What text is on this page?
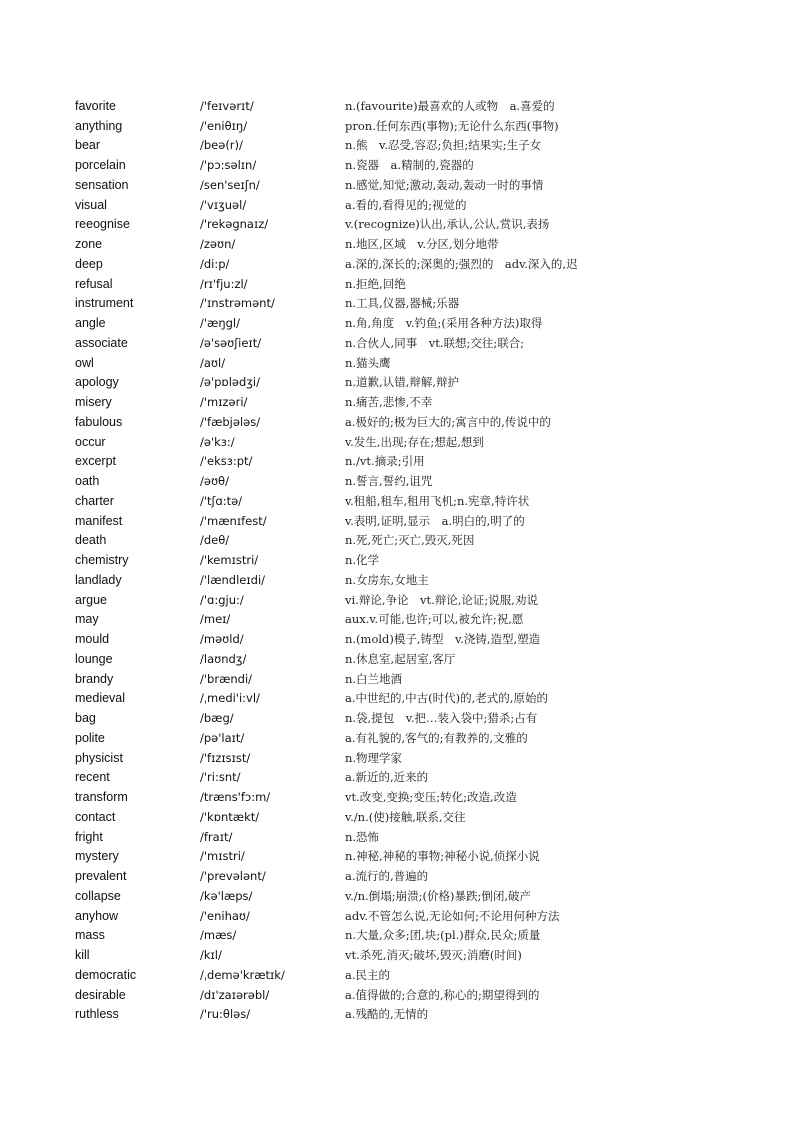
favorite	/'feɪvərɪt/	n.(favourite)最喜欢的人或物　a.喜爱的
anything	/'eniθɪŋ/	pron.任何东西(事物);无论什么东西(事物)
bear	/beə(r)/	n.熊　v.忍受,容忍;负担;结果实;生子女
porcelain	/'pɔ:səlɪn/	n.瓷器　a.精制的,瓷器的
sensation	/sen'seɪʃn/	n.感觉,知觉;激动,轰动,轰动一时的事情
visual	/'vɪʒuəl/	a.看的,看得见的;视觉的
reeognise	/'rekəgnaɪz/	v.(recognize)认出,承认,公认,赏识,表扬
zone	/zəʊn/	n.地区,区域　v.分区,划分地带
deep	/di:p/	a.深的,深长的;深奥的;强烈的　adv.深入的,迟
refusal	/rɪ'fju:zl/	n.拒绝,回绝
instrument	/'ɪnstrəmənt/	n.工具,仪器,器械;乐器
angle	/'æŋgl/	n.角,角度　v.钓鱼;(采用各种方法)取得
associate	/ə'səʊʃieɪt/	n.合伙人,同事　vt.联想;交往;联合;
owl	/aʊl/	n.猫头鹰
apology	/ə'pɒlədʒi/	n.道歉,认错,辩解,辩护
misery	/'mɪzəri/	n.痛苦,悲惨,不幸
fabulous	/'fæbjələs/	a.极好的;极为巨大的;寓言中的,传说中的
occur	/ə'kɜ:/	v.发生,出现;存在;想起,想到
excerpt	/'eksɜ:pt/	n./vt.摘录;引用
oath	/əʊθ/	n.誓言,誓约,诅咒
charter	/'tʃɑ:tə/	v.租船,租车,租用飞机;n.宪章,特许状
manifest	/'mænɪfest/	v.表明,证明,显示　a.明白的,明了的
death	/deθ/	n.死,死亡;灭亡,毁灭,死因
chemistry	/'kemɪstri/	n.化学
landlady	/'lændleɪdi/	n.女房东,女地主
argue	/'ɑ:gju:/	vi.辩论,争论　vt.辩论,论证;说服,劝说
may	/meɪ/	aux.v.可能,也许;可以,被允许;祝,愿
mould	/məʊld/	n.(mold)模子,铸型　v.浇铸,造型,塑造
lounge	/laʊndʒ/	n.休息室,起居室,客厅
brandy	/'brændi/	n.白兰地酒
medieval	/ˌmedi'i:vl/	a.中世纪的,中古(时代)的,老式的,原始的
bag	/bæg/	n.袋,提包　v.把…装入袋中;猎杀;占有
polite	/pə'laɪt/	a.有礼貌的,客气的;有教养的,文雅的
physicist	/'fɪzɪsɪst/	n.物理学家
recent	/'ri:snt/	a.新近的,近来的
transform	/træns'fɔ:m/	vt.改变,变换;变压;转化;改造,改造
contact	/'kɒntækt/	v./n.(使)接触,联系,交往
fright	/fraɪt/	n.恐怖
mystery	/'mɪstri/	n.神秘,神秘的事物;神秘小说,侦探小说
prevalent	/'prevələnt/	a.流行的,普遍的
collapse	/kə'læps/	v./n.倒塌;崩溃;(价格)暴跌;倒闭,破产
anyhow	/'enihaʊ/	adv.不管怎么说,无论如何;不论用何种方法
mass	/mæs/	n.大量,众多;团,块;(pl.)群众,民众;质量
kill	/kɪl/	vt.杀死,消灭;破坏,毁灭;消磨(时间)
democratic	/ˌdemə'krætɪk/	a.民主的
desirable	/dɪ'zaɪərəbl/	a.值得做的;合意的,称心的;期望得到的
ruthless	/'ru:θləs/	a.残酷的,无情的
